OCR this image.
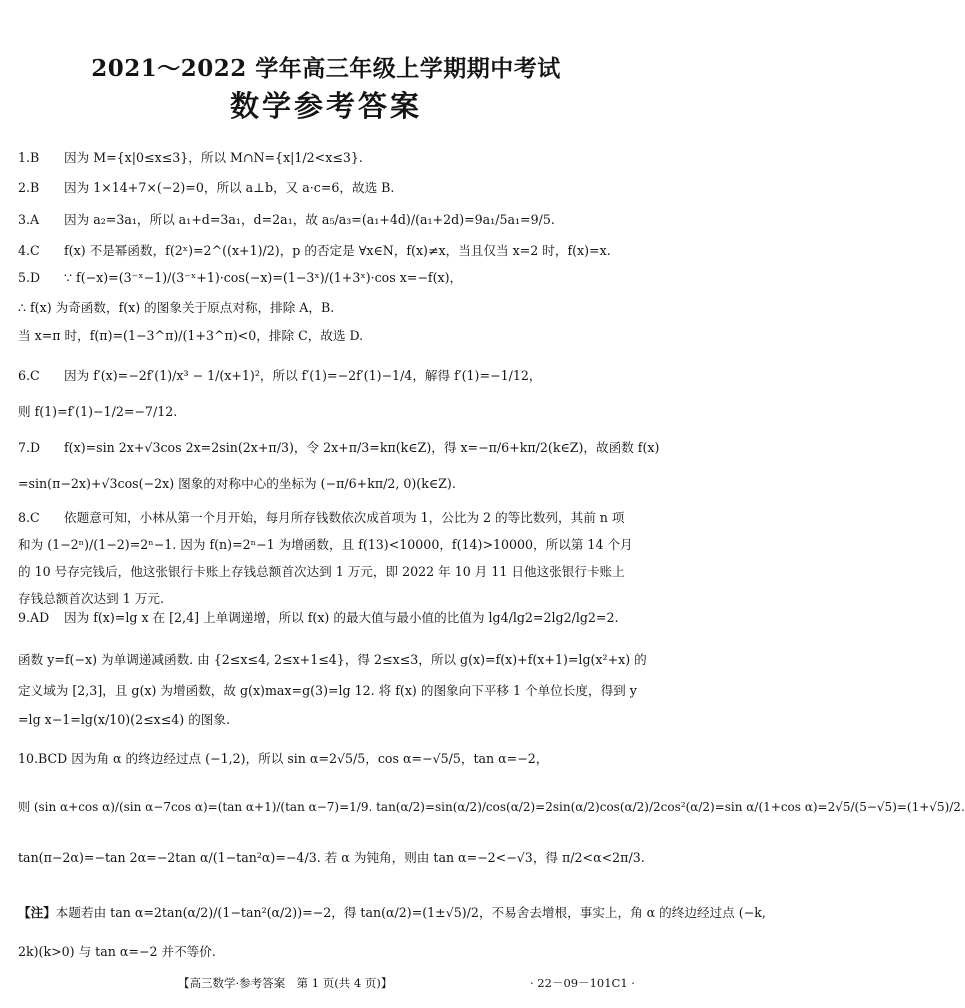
2021～2022 学年高三年级上学期期中考试
数学参考答案
1.B 因为 M={x|0≤x≤3}，所以 M∩N={x|1/2<x≤3}.
2.B 因为 1×14+7×(−2)=0，所以 a⊥b，又 a·c=6，故选 B.
3.A 因为 a₂=3a₁，所以 a₁+d=3a₁，d=2a₁，故 a₅/a₃=(a₁+4d)/(a₁+2d)=9a₁/5a₁=9/5.
4.C f(x) 不是幂函数，f(2ˣ)=2^((x+1)/2)，p 的否定是 ∀x∈N，f(x)≠x，当且仅当 x=2 时，f(x)=x.
5.D ∵ f(−x)=(3⁻ˣ−1)/(3⁻ˣ+1)·cos(−x)=(1−3ˣ)/(1+3ˣ)·cos x=−f(x)，
∴ f(x) 为奇函数，f(x) 的图象关于原点对称，排除 A，B.
当 x=π 时，f(π)=(1−3^π)/(1+3^π)<0，排除 C，故选 D.
6.C 因为 f′(x)=−2f′(1)/x³ − 1/(x+1)²，所以 f′(1)=−2f′(1)−1/4，解得 f′(1)=−1/12，
则 f(1)=f′(1)−1/2=−7/12.
7.D f(x)=sin 2x+√3cos 2x=2sin(2x+π/3)，令 2x+π/3=kπ(k∈Z)，得 x=−π/6+kπ/2(k∈Z)，故函数 f(x)
=sin(π−2x)+√3cos(−2x) 图象的对称中心的坐标为 (−π/6+kπ/2, 0)(k∈Z).
8.C 依题意可知，小林从第一个月开始，每月所存钱数依次成首项为 1，公比为 2 的等比数列，其前 n 项和为 (1−2ⁿ)/(1−2)=2ⁿ−1. 因为 f(n)=2ⁿ−1 为增函数，且 f(13)<10000，f(14)>10000，所以第 14 个月的 10 号存完钱后，他这张银行卡账上存钱总额首次达到 1 万元，即 2022 年 10 月 11 日他这张银行卡账上存钱总额首次达到 1 万元.
9.AD 因为 f(x)=lg x 在 [2,4] 上单调递增，所以 f(x) 的最大值与最小值的比值为 lg4/lg2=2lg2/lg2=2.
函数 y=f(−x) 为单调递减函数. 由 {2≤x≤4, 2≤x+1≤4}，得 2≤x≤3，所以 g(x)=f(x)+f(x+1)=lg(x²+x) 的
定义域为 [2,3]，且 g(x) 为增函数，故 g(x)max=g(3)=lg 12. 将 f(x) 的图象向下平移 1 个单位长度，得到 y
=lg x−1=lg(x/10)(2≤x≤4) 的图象.
10.BCD 因为角 α 的终边经过点 (−1,2)，所以 sin α=2√5/5，cos α=−√5/5，tan α=−2，
则 (sin α+cos α)/(sin α−7cos α)=(tan α+1)/(tan α−7)=1/9. tan(α/2)=sin(α/2)/cos(α/2)=2sin(α/2)cos(α/2)/2cos²(α/2)=sin α/(1+cos α)=2√5/(5−√5)=(1+√5)/2.
tan(π−2α)=−tan 2α=−2tan α/(1−tan²α)=−4/3. 若 α 为钝角，则由 tan α=−2<−√3，得 π/2<α<2π/3.
【注】本题若由 tan α=2tan(α/2)/(1−tan²(α/2))=−2，得 tan(α/2)=(1±√5)/2，不易舍去增根，事实上，角 α 的终边经过点 (−k,
2k)(k>0) 与 tan α=−2 并不等价.
【高三数学·参考答案　第 1 页(共 4 页)】	· 22－09－101C1 ·
